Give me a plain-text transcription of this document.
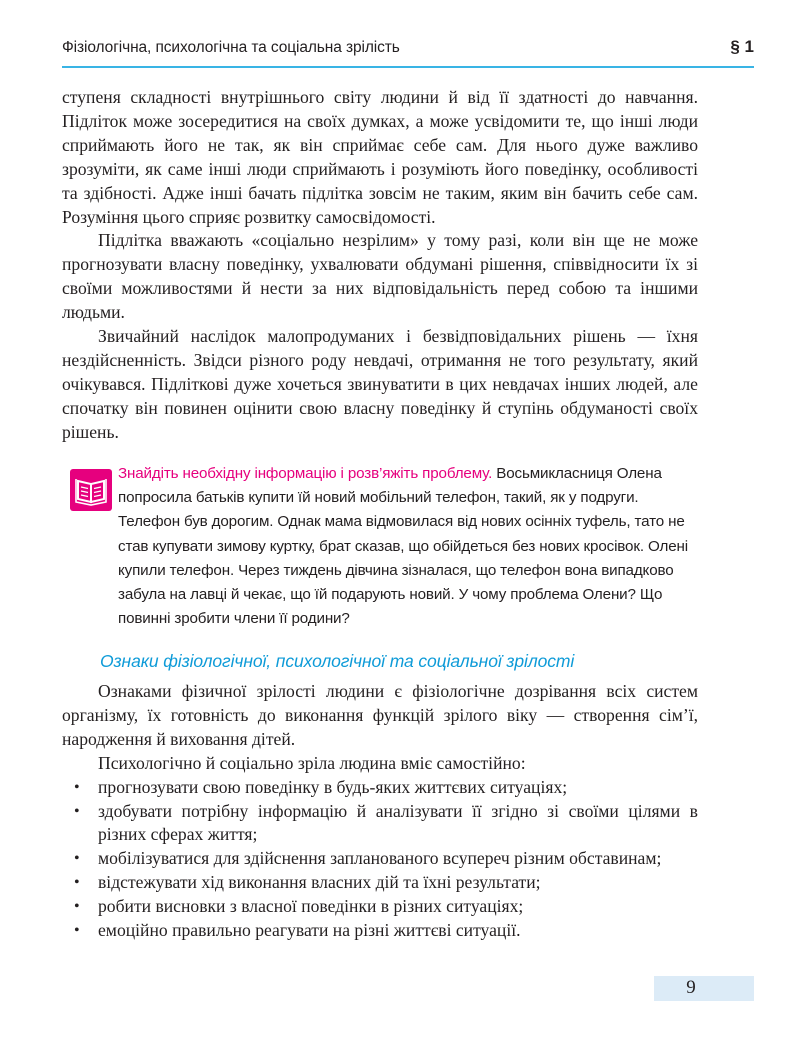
Фізіологічна, психологічна та соціальна зрілість	§ 1

ступеня складності внутрішнього світу людини й від її здатності до навчання. Підліток може зосередитися на своїх думках, а може усвідомити те, що інші люди сприймають його не так, як він сприймає себе сам. Для нього дуже важливо зрозуміти, як саме інші люди сприймають і розуміють його поведінку, особливості та здібності. Адже інші бачать підлітка зовсім не таким, яким він бачить себе сам. Розуміння цього сприяє розвитку самосвідомості.

Підлітка вважають «соціально незрілим» у тому разі, коли він ще не може прогнозувати власну поведінку, ухвалювати обдумані рішення, співвідносити їх зі своїми можливостями й нести за них відповідальність перед собою та іншими людьми.

Звичайний наслідок малопродуманих і безвідповідальних рішень — їхня нездійсненність. Звідси різного роду невдачі, отримання не того результату, який очікувався. Підліткові дуже хочеться звинуватити в цих невдачах інших людей, але спочатку він повинен оцінити свою власну поведінку й ступінь обдуманості своїх рішень.

Знайдіть необхідну інформацію і розв’яжіть проблему. Восьмикласниця Олена попросила батьків купити їй новий мобільний телефон, такий, як у подруги. Телефон був дорогим. Однак мама відмовилася від нових осінніх туфель, тато не став купувати зимову куртку, брат сказав, що обійдеться без нових кросівок. Олені купили телефон. Через тиждень дівчина зізналася, що телефон вона випадково забула на лавці й чекає, що їй подарують новий. У чому проблема Олени? Що повинні зробити члени її родини?
Ознаки фізіологічної, психологічної та соціальної зрілості

Ознаками фізичної зрілості людини є фізіологічне дозрівання всіх систем організму, їх готовність до виконання функцій зрілого віку — створення сім’ї, народження й виховання дітей.

Психологічно й соціально зріла людина вміє самостійно:

• прогнозувати свою поведінку в будь-яких життєвих ситуаціях;
• здобувати потрібну інформацію й аналізувати її згідно зі своїми цілями в різних сферах життя;
• мобілізуватися для здійснення запланованого всупереч різним обставинам;
• відстежувати хід виконання власних дій та їхні результати;
• робити висновки з власної поведінки в різних ситуаціях;
• емоційно правильно реагувати на різні життєві ситуації.
9
